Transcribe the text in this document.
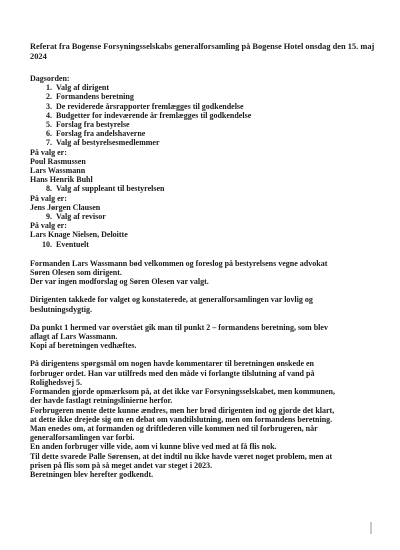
Referat fra Bogense Forsyningsselskabs generalforsamling på Bogense Hotel onsdag den 15. maj 2024

Dagsorden:

1. Valg af dirigent
2. Formandens beretning
3. De reviderede årsrapporter fremlægges til godkendelse
4. Budgetter for indeværende år fremlægges til godkendelse
5. Forslag fra bestyrelse
6. Forslag fra andelshaverne
7. Valg af bestyrelsesmedlemmer
På valg er:
Poul Rasmussen
Lars Wassmann
Hans Henrik Buhl
8. Valg af suppleant til bestyrelsen
På valg er:
Jens Jørgen Clausen
9. Valg af revisor
På valg er:
Lars Knage Nielsen, Deloitte
10. Eventuelt

Formanden Lars Wassmann bød velkommen og foreslog på bestyrelsens vegne advokat

Søren Olesen som dirigent.

Der var ingen modforslag og Søren Olesen var valgt.

Dirigenten takkede for valget og konstaterede, at generalforsamlingen var lovlig og

beslutningsdygtig.

Da punkt 1 hermed var overstået gik man til punkt 2 – formandens beretning, som blev

aflagt af Lars Wassmann.

Kopi af beretningen vedhæftes.

På dirigentens spørgsmål om nogen havde kommentarer til beretningen ønskede en

forbruger ordet. Han var utilfreds med den måde vi forlangte tilslutning af vand på

Rolighedsvej 5.

Formanden gjorde opmærksom på, at det ikke var Forsyningsselskabet, men kommunen,

der havde fastlagt retningslinierne herfor.

Forbrugeren mente dette kunne ændres, men her brød dirigenten ind og gjorde det klart,

at dette ikke drejede sig om en debat om vandtilslutning, men om formandens beretning.

Man enedes om, at formanden og driftlederen ville kommen ned til forbrugeren, når

generalforsamlingen var forbi.

En anden forbruger ville vide, aom vi kunne blive ved med at få flis nok.

Til dette svarede Palle Sørensen, at det indtil nu ikke havde været noget problem, men at

prisen på flis som på så meget andet var steget i 2023.

Beretningen blev herefter godkendt.
